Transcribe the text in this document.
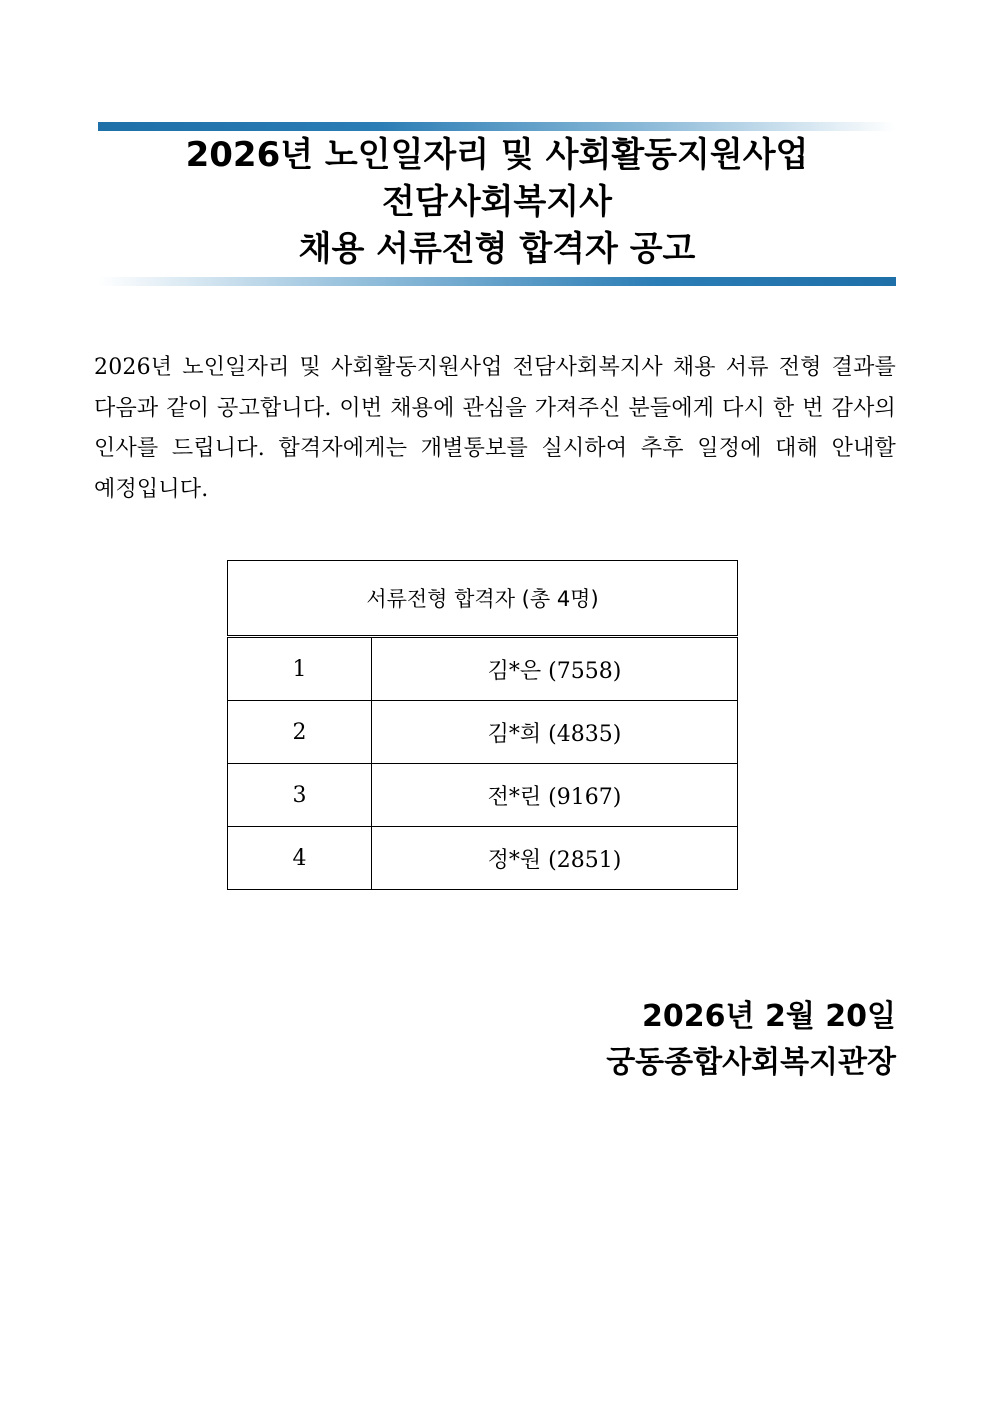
2026년 노인일자리 및 사회활동지원사업
전담사회복지사
채용 서류전형 합격자 공고

2026년 노인일자리 및 사회활동지원사업 전담사회복지사 채용 서류 전형 결과를 다음과 같이 공고합니다. 이번 채용에 관심을 가져주신 분들에게 다시 한 번 감사의 인사를 드립니다. 합격자에게는 개별통보를 실시하여 추후 일정에 대해 안내할 예정입니다.

서류전형 합격자 (총 4명)	
1	김*은 (7558)
2	김*희 (4835)
3	전*린 (9167)
4	정*원 (2851)
2026년 2월 20일
궁동종합사회복지관장
